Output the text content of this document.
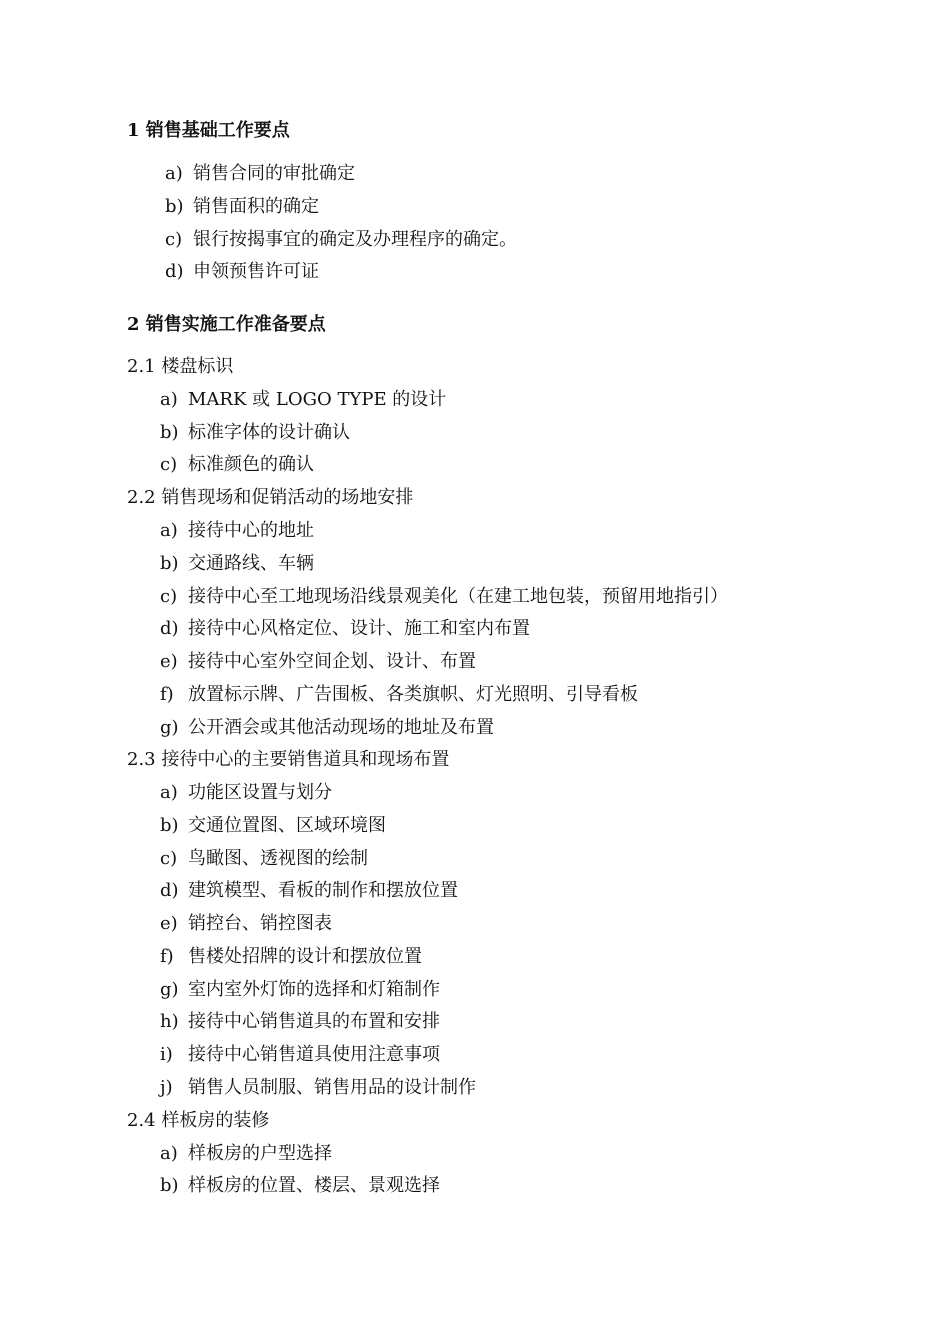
1 销售基础工作要点
a) 销售合同的审批确定
b) 销售面积的确定
c) 银行按揭事宜的确定及办理程序的确定。
d) 申领预售许可证
2 销售实施工作准备要点
2.1 楼盘标识
a) MARK 或 LOGO TYPE 的设计
b) 标准字体的设计确认
c) 标准颜色的确认
2.2 销售现场和促销活动的场地安排
a) 接待中心的地址
b) 交通路线、车辆
c) 接待中心至工地现场沿线景观美化（在建工地包装，预留用地指引）
d) 接待中心风格定位、设计、施工和室内布置
e) 接待中心室外空间企划、设计、布置
f) 放置标示牌、广告围板、各类旗帜、灯光照明、引导看板
g) 公开酒会或其他活动现场的地址及布置
2.3 接待中心的主要销售道具和现场布置
a) 功能区设置与划分
b) 交通位置图、区域环境图
c) 鸟瞰图、透视图的绘制
d) 建筑模型、看板的制作和摆放位置
e) 销控台、销控图表
f) 售楼处招牌的设计和摆放位置
g) 室内室外灯饰的选择和灯箱制作
h) 接待中心销售道具的布置和安排
i) 接待中心销售道具使用注意事项
j) 销售人员制服、销售用品的设计制作
2.4 样板房的装修
a) 样板房的户型选择
b) 样板房的位置、楼层、景观选择
